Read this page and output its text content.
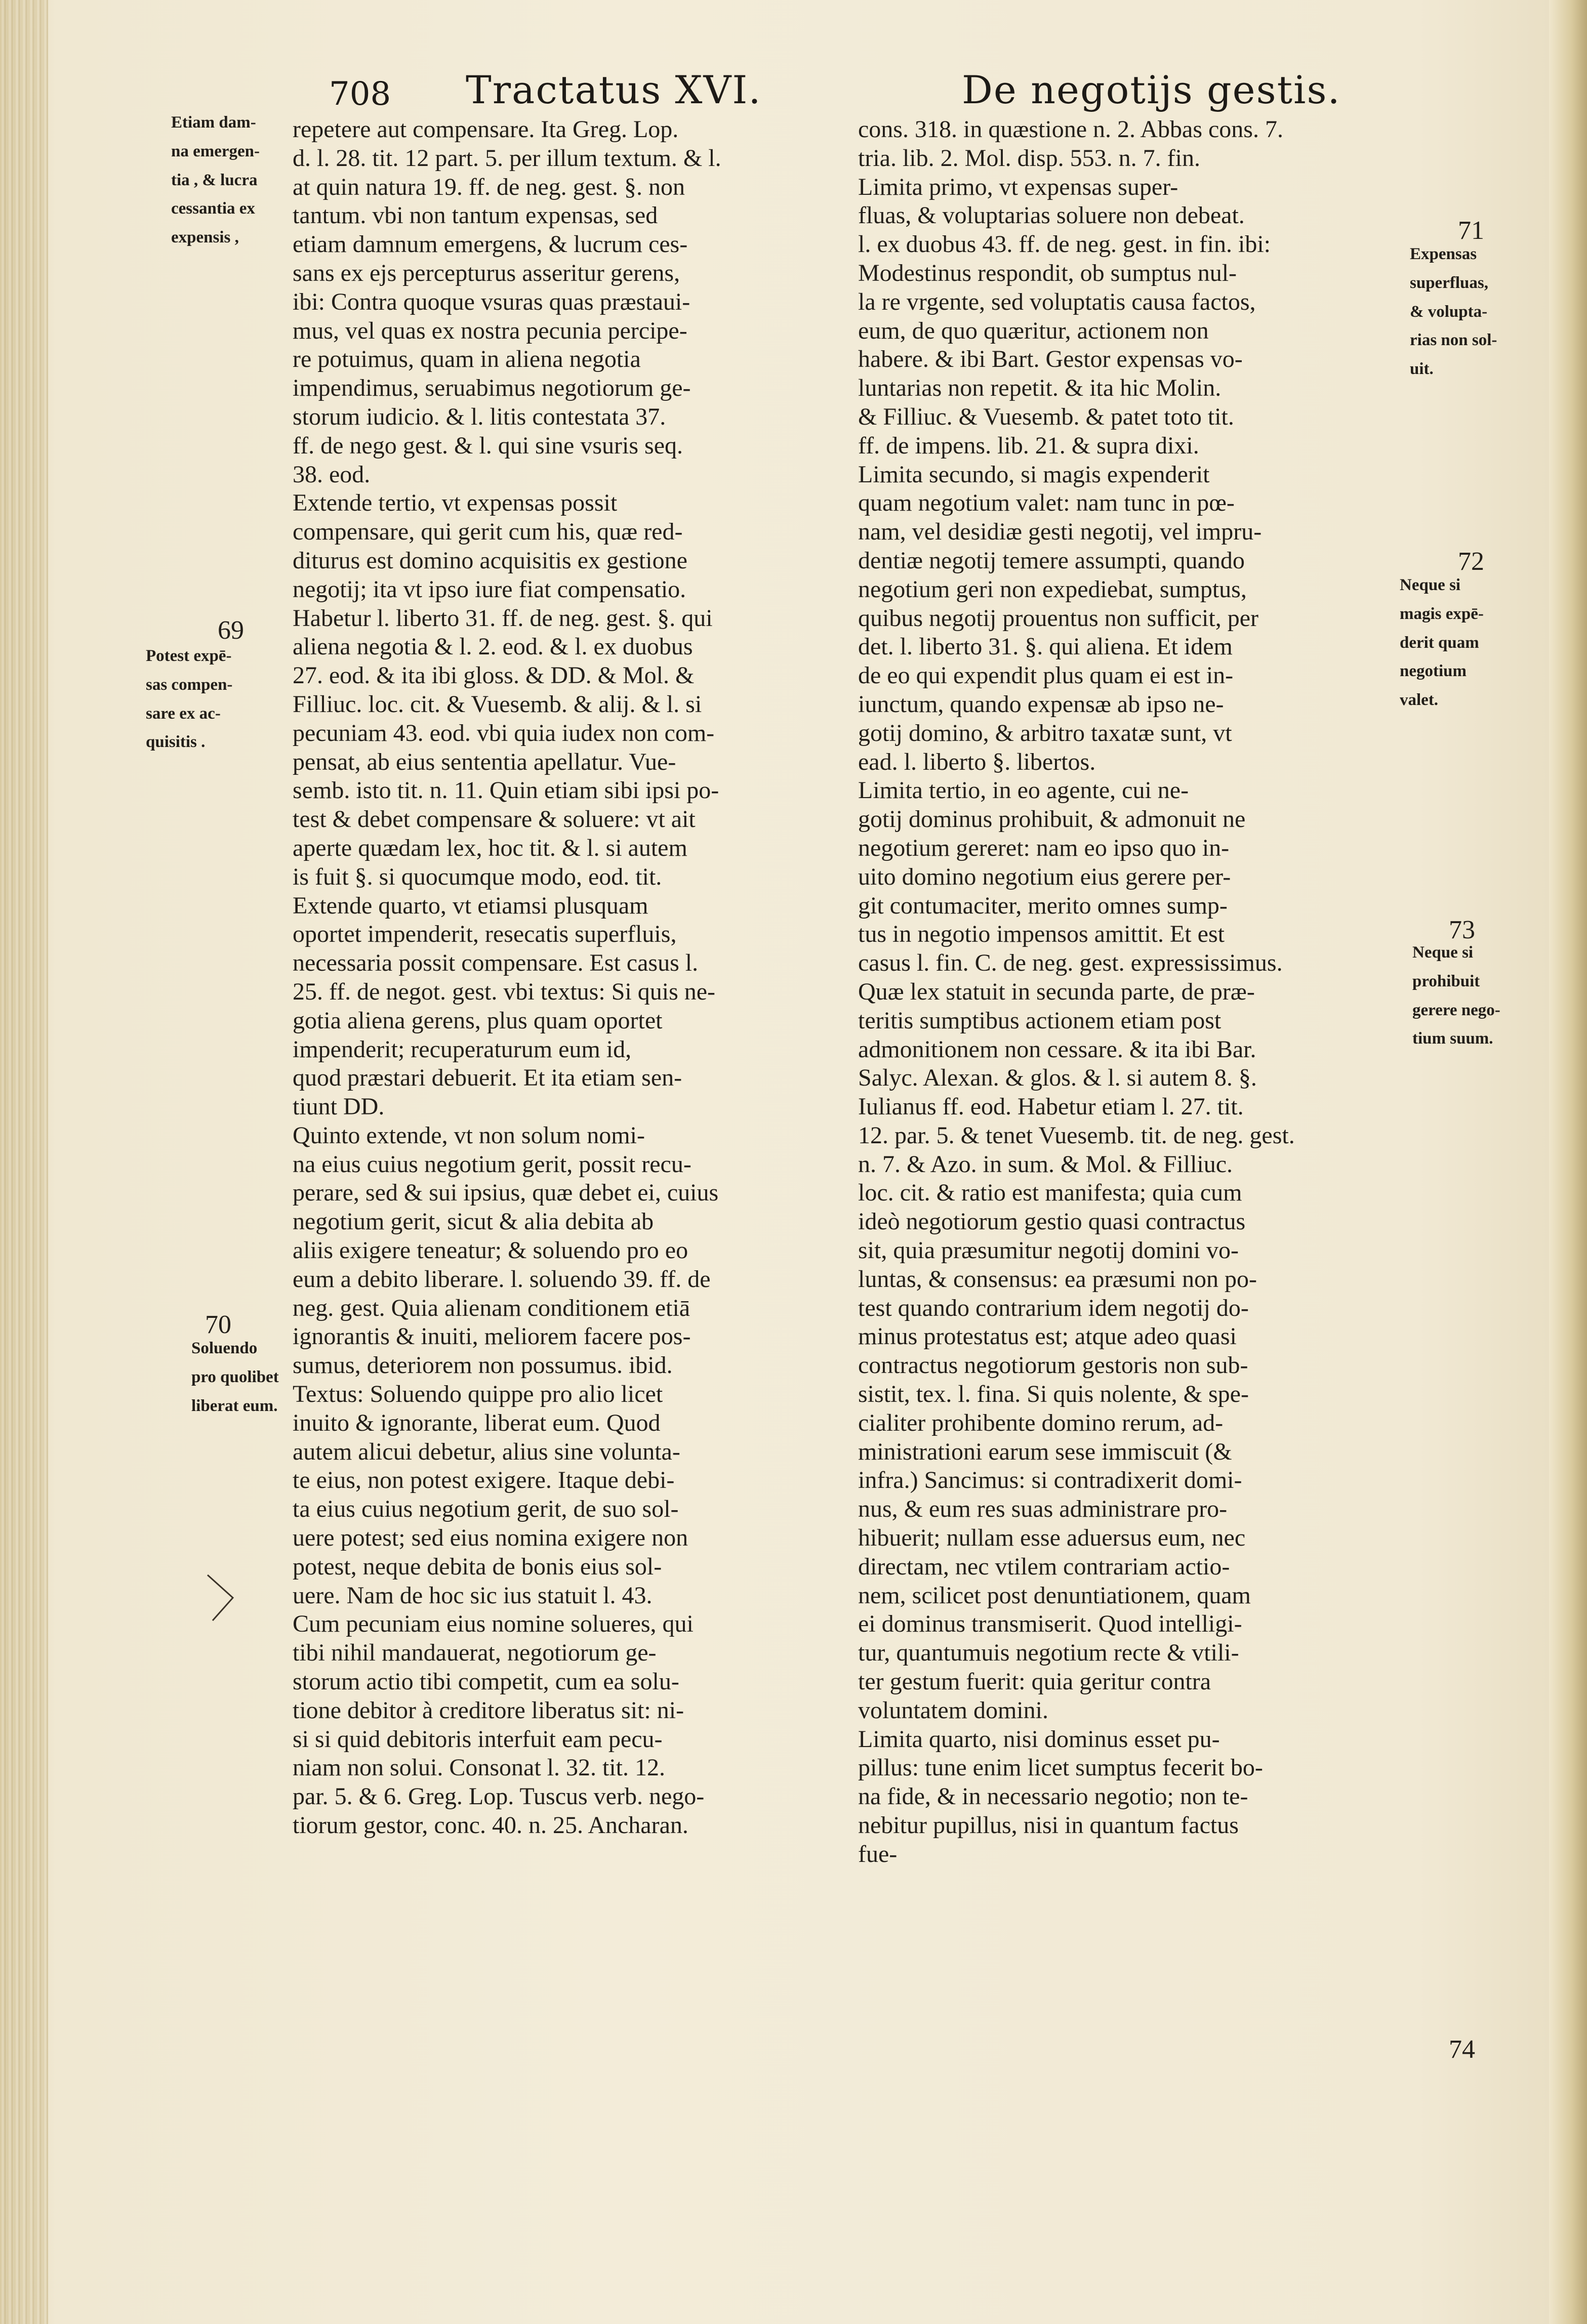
708 Tractatus XVI.	De negotijs gestis.
Etiam dam-
na emergen-
tia , & lucra
cessantia ex
expensis ,
69
Potest expē-
sas compen-
sare ex ac-
quisitis .
70
Soluendo
pro quolibet
liberat eum.
71
Expensas
superfluas,
& volupta-
rias non sol-
uit.
72
Neque si
magis expē-
derit quam
negotium
valet.
73
Neque si
prohibuit
gerere nego-
tium suum.
74
repetere aut compensare. Ita Greg. Lop.
d. l. 28. tit. 12 part. 5. per illum textum. & l.
at quin natura 19. ff. de neg. gest. §. non
tantum. vbi non tantum expensas, sed
etiam damnum emergens, & lucrum ces-
sans ex ejs percepturus asseritur gerens,
ibi: Contra quoque vsuras quas præstaui-
mus, vel quas ex nostra pecunia percipe-
re potuimus, quam in aliena negotia
impendimus, seruabimus negotiorum ge-
storum iudicio. & l. litis contestata 37.
ff. de nego gest. & l. qui sine vsuris seq.
38. eod.
Extende tertio, vt expensas possit
compensare, qui gerit cum his, quæ red-
diturus est domino acquisitis ex gestione
negotij; ita vt ipso iure fiat compensatio.
Habetur l. liberto 31. ff. de neg. gest. §. qui
aliena negotia & l. 2. eod. & l. ex duobus
27. eod. & ita ibi gloss. & DD. & Mol. &
Filliuc. loc. cit. & Vuesemb. & alij. & l. si
pecuniam 43. eod. vbi quia iudex non com-
pensat, ab eius sententia apellatur. Vue-
semb. isto tit. n. 11. Quin etiam sibi ipsi po-
test & debet compensare & soluere: vt ait
aperte quædam lex, hoc tit. & l. si autem
is fuit §. si quocumque modo, eod. tit.
Extende quarto, vt etiamsi plusquam
oportet impenderit, resecatis superfluis,
necessaria possit compensare. Est casus l.
25. ff. de negot. gest. vbi textus: Si quis ne-
gotia aliena gerens, plus quam oportet
impenderit; recuperaturum eum id,
quod præstari debuerit. Et ita etiam sen-
tiunt DD.
Quinto extende, vt non solum nomi-
na eius cuius negotium gerit, possit recu-
perare, sed & sui ipsius, quæ debet ei, cuius
negotium gerit, sicut & alia debita ab
aliis exigere teneatur; & soluendo pro eo
eum a debito liberare. l. soluendo 39. ff. de
neg. gest. Quia alienam conditionem etiā
ignorantis & inuiti, meliorem facere pos-
sumus, deteriorem non possumus. ibid.
Textus: Soluendo quippe pro alio licet
inuito & ignorante, liberat eum. Quod
autem alicui debetur, alius sine volunta-
te eius, non potest exigere. Itaque debi-
ta eius cuius negotium gerit, de suo sol-
uere potest; sed eius nomina exigere non
potest, neque debita de bonis eius sol-
uere. Nam de hoc sic ius statuit l. 43.
Cum pecuniam eius nomine solueres, qui
tibi nihil mandauerat, negotiorum ge-
storum actio tibi competit, cum ea solu-
tione debitor à creditore liberatus sit: ni-
si si quid debitoris interfuit eam pecu-
niam non solui. Consonat l. 32. tit. 12.
par. 5. & 6. Greg. Lop. Tuscus verb. nego-
tiorum gestor, conc. 40. n. 25. Ancharan.
cons. 318. in quæstione n. 2. Abbas cons. 7.
tria. lib. 2. Mol. disp. 553. n. 7. fin.
Limita primo, vt expensas super-
fluas, & voluptarias soluere non debeat.
l. ex duobus 43. ff. de neg. gest. in fin. ibi:
Modestinus respondit, ob sumptus nul-
la re vrgente, sed voluptatis causa factos,
eum, de quo quæritur, actionem non
habere. & ibi Bart. Gestor expensas vo-
luntarias non repetit. & ita hic Molin.
& Filliuc. & Vuesemb. & patet toto tit.
ff. de impens. lib. 21. & supra dixi.
Limita secundo, si magis expenderit
quam negotium valet: nam tunc in pœ-
nam, vel desidiæ gesti negotij, vel impru-
dentiæ negotij temere assumpti, quando
negotium geri non expediebat, sumptus,
quibus negotij prouentus non sufficit, per
det. l. liberto 31. §. qui aliena. Et idem
de eo qui expendit plus quam ei est in-
iunctum, quando expensæ ab ipso ne-
gotij domino, & arbitro taxatæ sunt, vt
ead. l. liberto §. libertos.
Limita tertio, in eo agente, cui ne-
gotij dominus prohibuit, & admonuit ne
negotium gereret: nam eo ipso quo in-
uito domino negotium eius gerere per-
git contumaciter, merito omnes sump-
tus in negotio impensos amittit. Et est
casus l. fin. C. de neg. gest. expressissimus.
Quæ lex statuit in secunda parte, de præ-
teritis sumptibus actionem etiam post
admonitionem non cessare. & ita ibi Bar.
Salyc. Alexan. & glos. & l. si autem 8. §.
Iulianus ff. eod. Habetur etiam l. 27. tit.
12. par. 5. & tenet Vuesemb. tit. de neg. gest.
n. 7. & Azo. in sum. & Mol. & Filliuc.
loc. cit. & ratio est manifesta; quia cum
ideò negotiorum gestio quasi contractus
sit, quia præsumitur negotij domini vo-
luntas, & consensus: ea præsumi non po-
test quando contrarium idem negotij do-
minus protestatus est; atque adeo quasi
contractus negotiorum gestoris non sub-
sistit, tex. l. fina. Si quis nolente, & spe-
cialiter prohibente domino rerum, ad-
ministrationi earum sese immiscuit (&
infra.) Sancimus: si contradixerit domi-
nus, & eum res suas administrare pro-
hibuerit; nullam esse aduersus eum, nec
directam, nec vtilem contrariam actio-
nem, scilicet post denuntiationem, quam
ei dominus transmiserit. Quod intelligi-
tur, quantumuis negotium recte & vtili-
ter gestum fuerit: quia geritur contra
voluntatem domini.
Limita quarto, nisi dominus esset pu-
pillus: tune enim licet sumptus fecerit bo-
na fide, & in necessario negotio; non te-
nebitur pupillus, nisi in quantum factus
fue-
